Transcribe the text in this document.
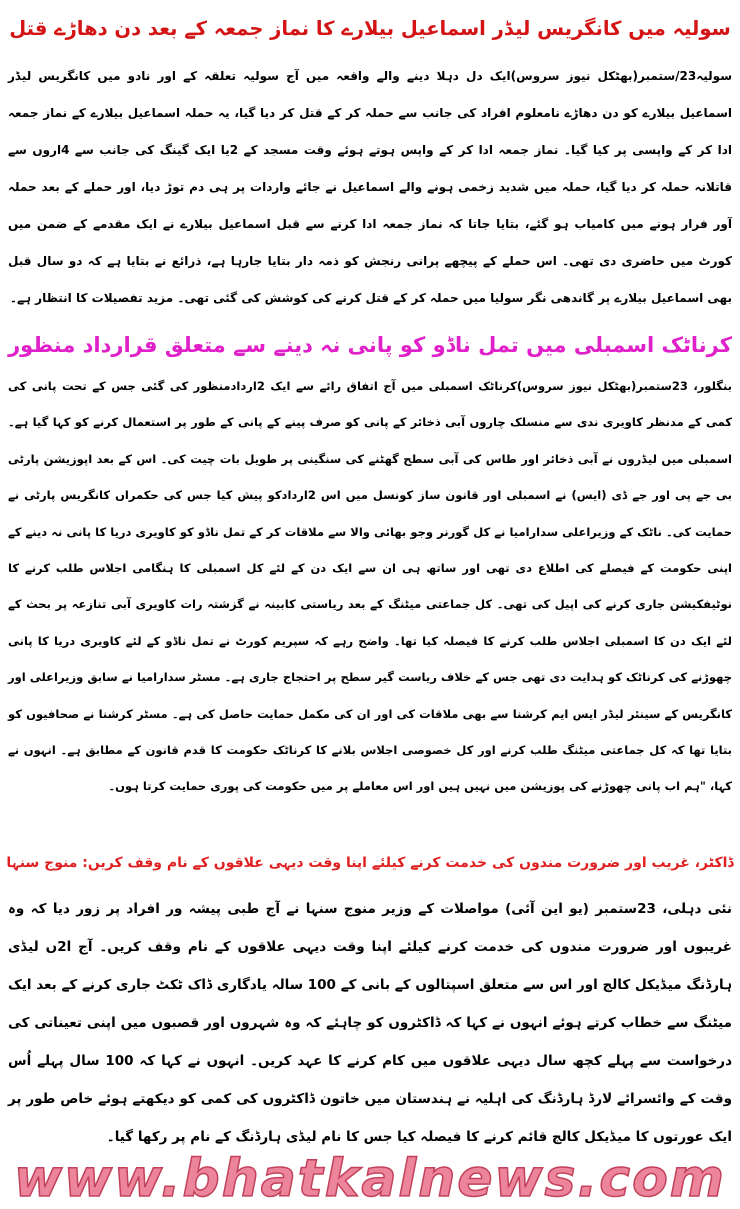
سولیہ میں کانگریس لیڈر اسماعیل بیلارے کا نماز جمعہ کے بعد دن دھاڑے قتل

سولیہ23/ستمبر(بھٹکل نیوز سروس)ایک دل دہلا دینے والے واقعہ میں آج سولیہ تعلقہ کے اور نادو میں کانگریس لیڈر اسماعیل بیلارے کو دن دھاڑے نامعلوم افراد کی جانب سے حملہ کر کے قتل کر دیا گیا، یہ حملہ اسماعیل بیلارے کے نماز جمعہ ادا کر کے واپسی پر کیا گیا۔ نماز جمعہ ادا کر کے واپس ہوتے ہوئے وقت مسجد کے 2یا ایک گینگ کی جانب سے 4اروں سے قاتلانہ حملہ کر دیا گیا، حملہ میں شدید زخمی ہونے والے اسماعیل نے جائے واردات پر ہی دم توڑ دیا، اور حملے کے بعد حملہ آور فرار ہونے میں کامیاب ہو گئے، بتایا جاتا کہ نماز جمعہ ادا کرنے سے قبل اسماعیل بیلارے نے ایک مقدمے کے ضمن میں کورٹ میں حاضری دی تھی۔ اس حملے کے پیچھے پرانی رنجش کو ذمہ دار بتایا جارہا ہے، ذرائع نے بتایا ہے کہ دو سال قبل بھی اسماعیل بیلارے پر گاندھی نگر سولیا میں حملہ کر کے قتل کرنے کی کوشش کی گئی تھی۔ مزید تفصیلات کا انتظار ہے۔

کرناٹک اسمبلی میں تمل ناڈو کو پانی نہ دینے سے متعلق قرارداد منظور

بنگلور، 23ستمبر(بھٹکل نیوز سروس)کرناٹک اسمبلی میں آج اتفاق رائے سے ایک 2اردادمنظور کی گئی جس کے تحت پانی کی کمی کے مدنظر کاویری ندی سے منسلک چاروں آبی ذخائر کے پانی کو صرف پینے کے پانی کے طور پر استعمال کرنے کو کہا گیا ہے۔ اسمبلی میں لیڈروں نے آبی ذخائر اور طاس کی آبی سطح گھٹنے کی سنگینی پر طویل بات چیت کی۔ اس کے بعد اپوزیشن پارٹی بی جے پی اور جے ڈی (ایس) نے اسمبلی اور قانون ساز کونسل میں اس 2اردادکو پیش کیا جس کی حکمراں کانگریس پارٹی نے حمایت کی۔ ناٹک کے وزیراعلی سدارامیا نے کل گورنر وجو بھائی والا سے ملاقات کر کے تمل ناڈو کو کاویری دریا کا پانی نہ دینے کے اپنی حکومت کے فیصلے کی اطلاع دی تھی اور ساتھ ہی ان سے ایک دن کے لئے کل اسمبلی کا ہنگامی اجلاس طلب کرنے کا نوٹیفکیشن جاری کرنے کی اپیل کی تھی۔ کل جماعتی میٹنگ کے بعد ریاستی کابینہ نے گزشتہ رات کاویری آبی تنازعہ پر بحث کے لئے ایک دن کا اسمبلی اجلاس طلب کرنے کا فیصلہ کیا تھا۔ واضح رہے کہ سپریم کورٹ نے تمل ناڈو کے لئے کاویری دریا کا پانی چھوڑنے کی کرناٹک کو ہدایت دی تھی جس کے خلاف ریاست گیر سطح پر احتجاج جاری ہے۔ مسٹر سدارامیا نے سابق وزیراعلی اور کانگریس کے سینئر لیڈر ایس ایم کرشنا سے بھی ملاقات کی اور ان کی مکمل حمایت حاصل کی ہے۔ مسٹر کرشنا نے صحافیوں کو بتایا تھا کہ کل جماعتی میٹنگ طلب کرنے اور کل خصوصی اجلاس بلانے کا کرناٹک حکومت کا قدم قانون کے مطابق ہے۔ انہوں نے کہا، "ہم اب پانی چھوڑنے کی پوزیشن میں نہیں ہیں اور اس معاملے پر میں حکومت کی پوری حمایت کرتا ہوں۔

ڈاکٹر، غریب اور ضرورت مندوں کی خدمت کرنے کیلئے اپنا وقت دیہی علاقوں کے نام وقف کریں: منوج سنہا

نئی دہلی، 23ستمبر (یو این آئی) مواصلات کے وزیر منوج سنہا نے آج طبی پیشہ ور افراد پر زور دیا کہ وہ غریبوں اور ضرورت مندوں کی خدمت کرنے کیلئے اپنا وقت دیہی علاقوں کے نام وقف کریں۔ آج ا2ں لیڈی ہارڈنگ میڈیکل کالج اور اس سے متعلق اسپتالوں کے بانی کے 100 سالہ یادگاری ڈاک ٹکٹ جاری کرنے کے بعد ایک میٹنگ سے خطاب کرتے ہوئے انہوں نے کہا کہ ڈاکٹروں کو چاہئے کہ وہ شہروں اور قصبوں میں اپنی تعیناتی کی درخواست سے پہلے کچھ سال دیہی علاقوں میں کام کرنے کا عہد کریں۔ انہوں نے کہا کہ 100 سال پہلے اُس وقت کے وائسرائے لارڈ ہارڈنگ کی اہلیہ نے ہندستان میں خاتون ڈاکٹروں کی کمی کو دیکھتے ہوئے خاص طور پر ایک عورتوں کا میڈیکل کالج قائم کرنے کا فیصلہ کیا جس کا نام لیڈی ہارڈنگ کے نام پر رکھا گیا۔

www.bhatkalnews.com
